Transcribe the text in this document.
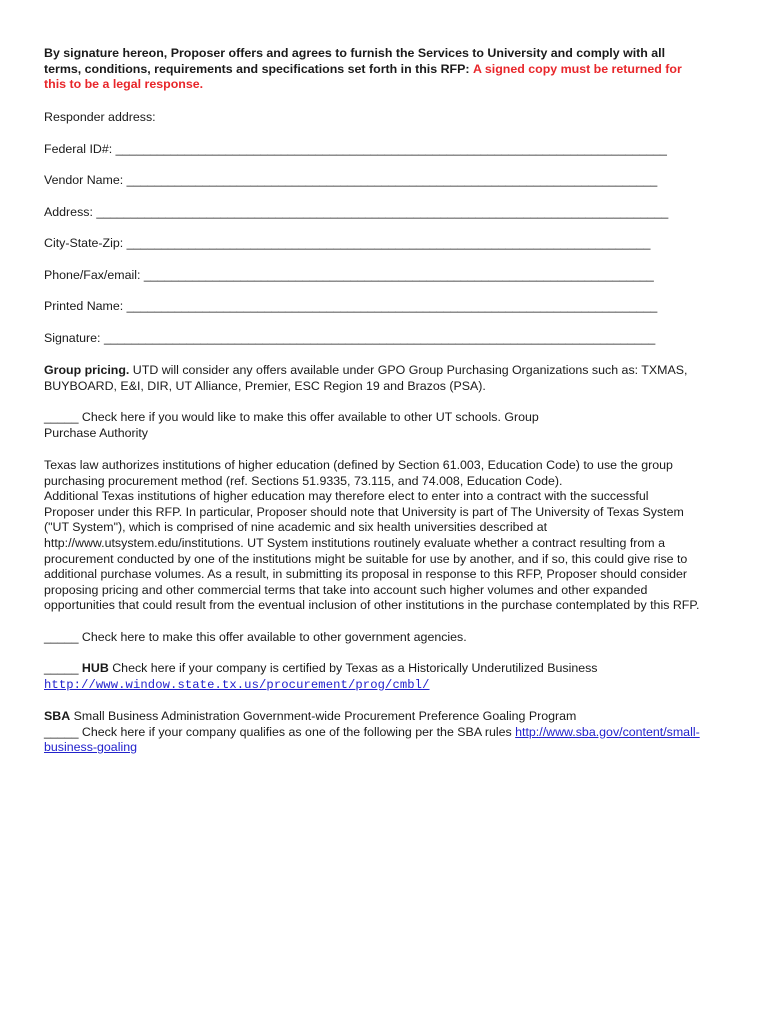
By signature hereon, Proposer offers and agrees to furnish the Services to University and comply with all
terms, conditions, requirements and specifications set forth in this RFP: A signed copy must be returned for
this to be a legal response.
Responder address:
Federal ID#: ________________________________________________________________________________
Vendor Name: _____________________________________________________________________________
Address: ___________________________________________________________________________________
City-State-Zip: ____________________________________________________________________________
Phone/Fax/email: __________________________________________________________________________
Printed Name: _____________________________________________________________________________
Signature: ________________________________________________________________________________
Group pricing. UTD will consider any offers available under GPO Group Purchasing Organizations such as: TXMAS,
BUYBOARD, E&I, DIR, UT Alliance, Premier, ESC Region 19 and Brazos (PSA).
_____ Check here if you would like to make this offer available to other UT schools. Group
Purchase Authority
Texas law authorizes institutions of higher education (defined by Section 61.003, Education Code) to use the group
purchasing procurement method (ref. Sections 51.9335, 73.115, and 74.008, Education Code).
Additional Texas institutions of higher education may therefore elect to enter into a contract with the successful
Proposer under this RFP. In particular, Proposer should note that University is part of The University of Texas System
("UT System"), which is comprised of nine academic and six health universities described at
http://www.utsystem.edu/institutions. UT System institutions routinely evaluate whether a contract resulting from a
procurement conducted by one of the institutions might be suitable for use by another, and if so, this could give rise to
additional purchase volumes. As a result, in submitting its proposal in response to this RFP, Proposer should consider
proposing pricing and other commercial terms that take into account such higher volumes and other expanded
opportunities that could result from the eventual inclusion of other institutions in the purchase contemplated by this RFP.
_____ Check here to make this offer available to other government agencies.
_____ HUB Check here if your company is certified by Texas as a Historically Underutilized Business
http://www.window.state.tx.us/procurement/prog/cmbl/
SBA Small Business Administration Government-wide Procurement Preference Goaling Program
_____ Check here if your company qualifies as one of the following per the SBA rules http://www.sba.gov/content/small-
business-goaling
